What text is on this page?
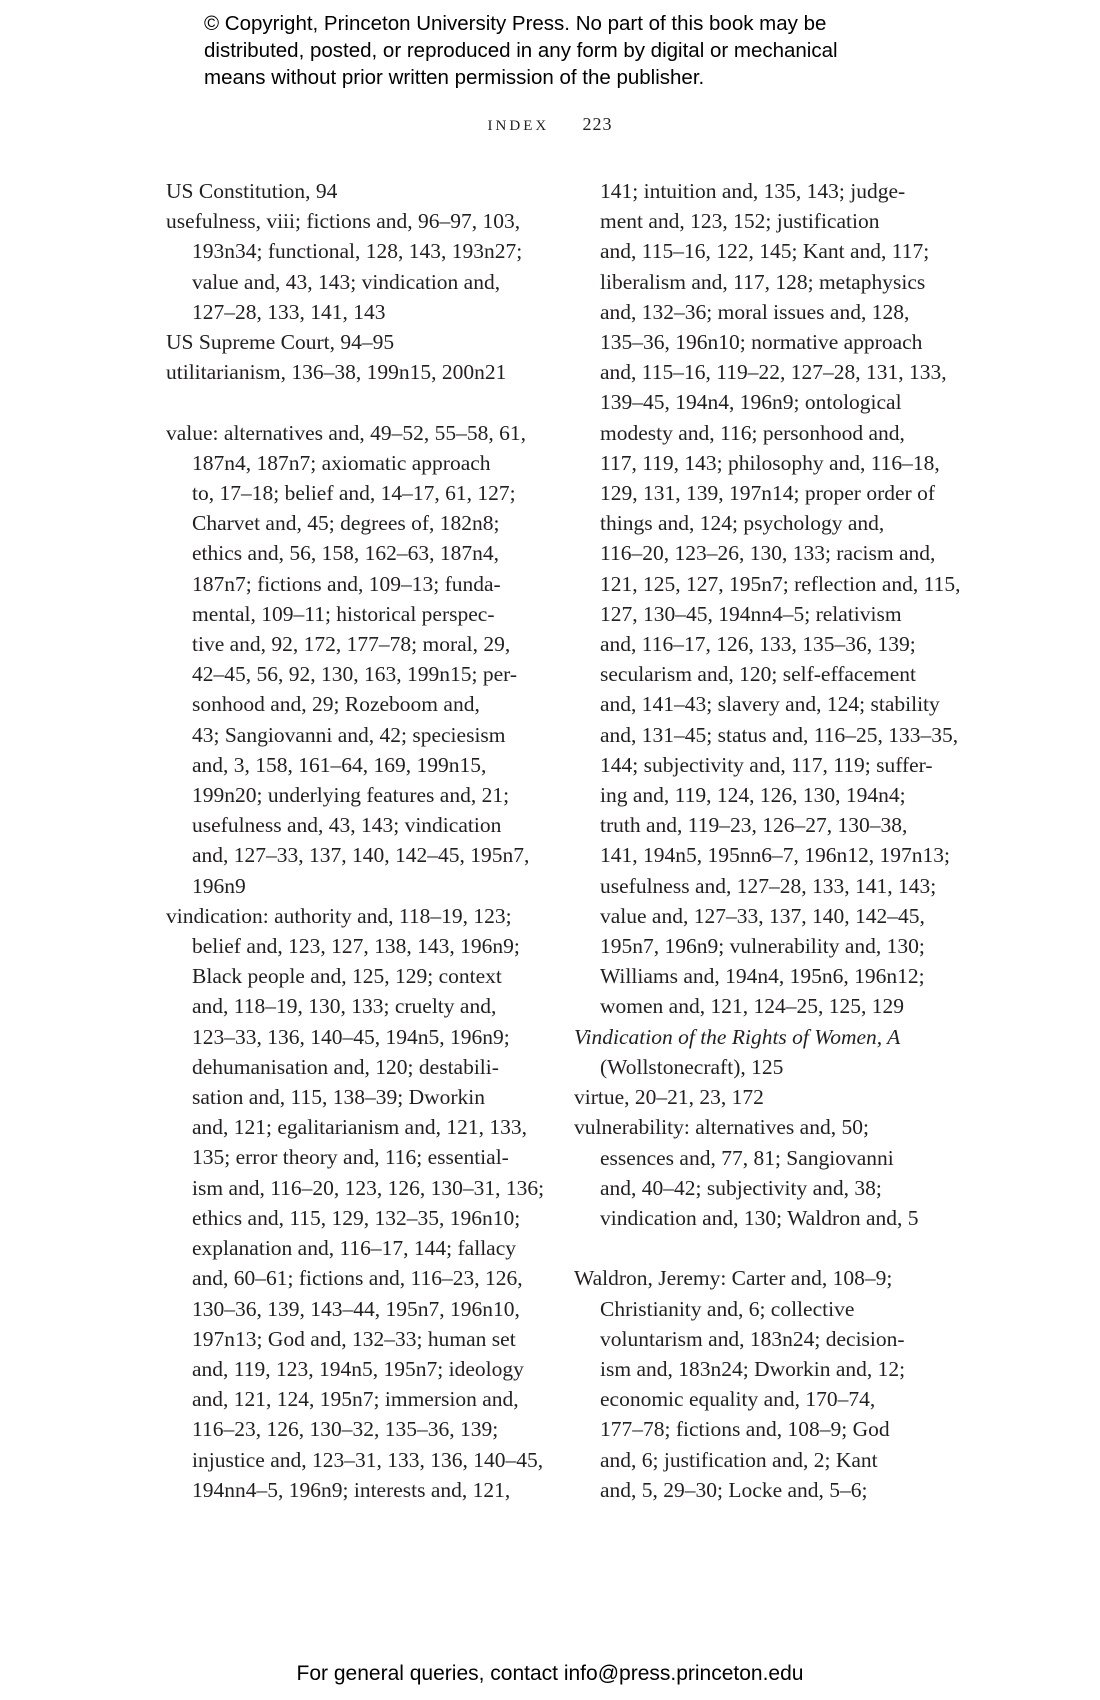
© Copyright, Princeton University Press. No part of this book may be
distributed, posted, or reproduced in any form by digital or mechanical
means without prior written permission of the publisher.
INDEX 223
US Constitution, 94
usefulness, viii; fictions and, 96–97, 103,
193n34; functional, 128, 143, 193n27;
value and, 43, 143; vindication and,
127–28, 133, 141, 143
US Supreme Court, 94–95
utilitarianism, 136–38, 199n15, 200n21
value: alternatives and, 49–52, 55–58, 61,
187n4, 187n7; axiomatic approach
to, 17–18; belief and, 14–17, 61, 127;
Charvet and, 45; degrees of, 182n8;
ethics and, 56, 158, 162–63, 187n4,
187n7; fictions and, 109–13; funda-
mental, 109–11; historical perspec-
tive and, 92, 172, 177–78; moral, 29,
42–45, 56, 92, 130, 163, 199n15; per-
sonhood and, 29; Rozeboom and,
43; Sangiovanni and, 42; speciesism
and, 3, 158, 161–64, 169, 199n15,
199n20; underlying features and, 21;
usefulness and, 43, 143; vindication
and, 127–33, 137, 140, 142–45, 195n7,
196n9
vindication: authority and, 118–19, 123;
belief and, 123, 127, 138, 143, 196n9;
Black people and, 125, 129; context
and, 118–19, 130, 133; cruelty and,
123–33, 136, 140–45, 194n5, 196n9;
dehumanisation and, 120; destabili-
sation and, 115, 138–39; Dworkin
and, 121; egalitarianism and, 121, 133,
135; error theory and, 116; essential-
ism and, 116–20, 123, 126, 130–31, 136;
ethics and, 115, 129, 132–35, 196n10;
explanation and, 116–17, 144; fallacy
and, 60–61; fictions and, 116–23, 126,
130–36, 139, 143–44, 195n7, 196n10,
197n13; God and, 132–33; human set
and, 119, 123, 194n5, 195n7; ideology
and, 121, 124, 195n7; immersion and,
116–23, 126, 130–32, 135–36, 139;
injustice and, 123–31, 133, 136, 140–45,
194nn4–5, 196n9; interests and, 121,
141; intuition and, 135, 143; judge-
ment and, 123, 152; justification
and, 115–16, 122, 145; Kant and, 117;
liberalism and, 117, 128; metaphysics
and, 132–36; moral issues and, 128,
135–36, 196n10; normative approach
and, 115–16, 119–22, 127–28, 131, 133,
139–45, 194n4, 196n9; ontological
modesty and, 116; personhood and,
117, 119, 143; philosophy and, 116–18,
129, 131, 139, 197n14; proper order of
things and, 124; psychology and,
116–20, 123–26, 130, 133; racism and,
121, 125, 127, 195n7; reflection and, 115,
127, 130–45, 194nn4–5; relativism
and, 116–17, 126, 133, 135–36, 139;
secularism and, 120; self-effacement
and, 141–43; slavery and, 124; stability
and, 131–45; status and, 116–25, 133–35,
144; subjectivity and, 117, 119; suffer-
ing and, 119, 124, 126, 130, 194n4;
truth and, 119–23, 126–27, 130–38,
141, 194n5, 195nn6–7, 196n12, 197n13;
usefulness and, 127–28, 133, 141, 143;
value and, 127–33, 137, 140, 142–45,
195n7, 196n9; vulnerability and, 130;
Williams and, 194n4, 195n6, 196n12;
women and, 121, 124–25, 125, 129
Vindication of the Rights of Women, A
(Wollstonecraft), 125
virtue, 20–21, 23, 172
vulnerability: alternatives and, 50;
essences and, 77, 81; Sangiovanni
and, 40–42; subjectivity and, 38;
vindication and, 130; Waldron and, 5
Waldron, Jeremy: Carter and, 108–9;
Christianity and, 6; collective
voluntarism and, 183n24; decision-
ism and, 183n24; Dworkin and, 12;
economic equality and, 170–74,
177–78; fictions and, 108–9; God
and, 6; justification and, 2; Kant
and, 5, 29–30; Locke and, 5–6;
For general queries, contact info@press.princeton.edu
